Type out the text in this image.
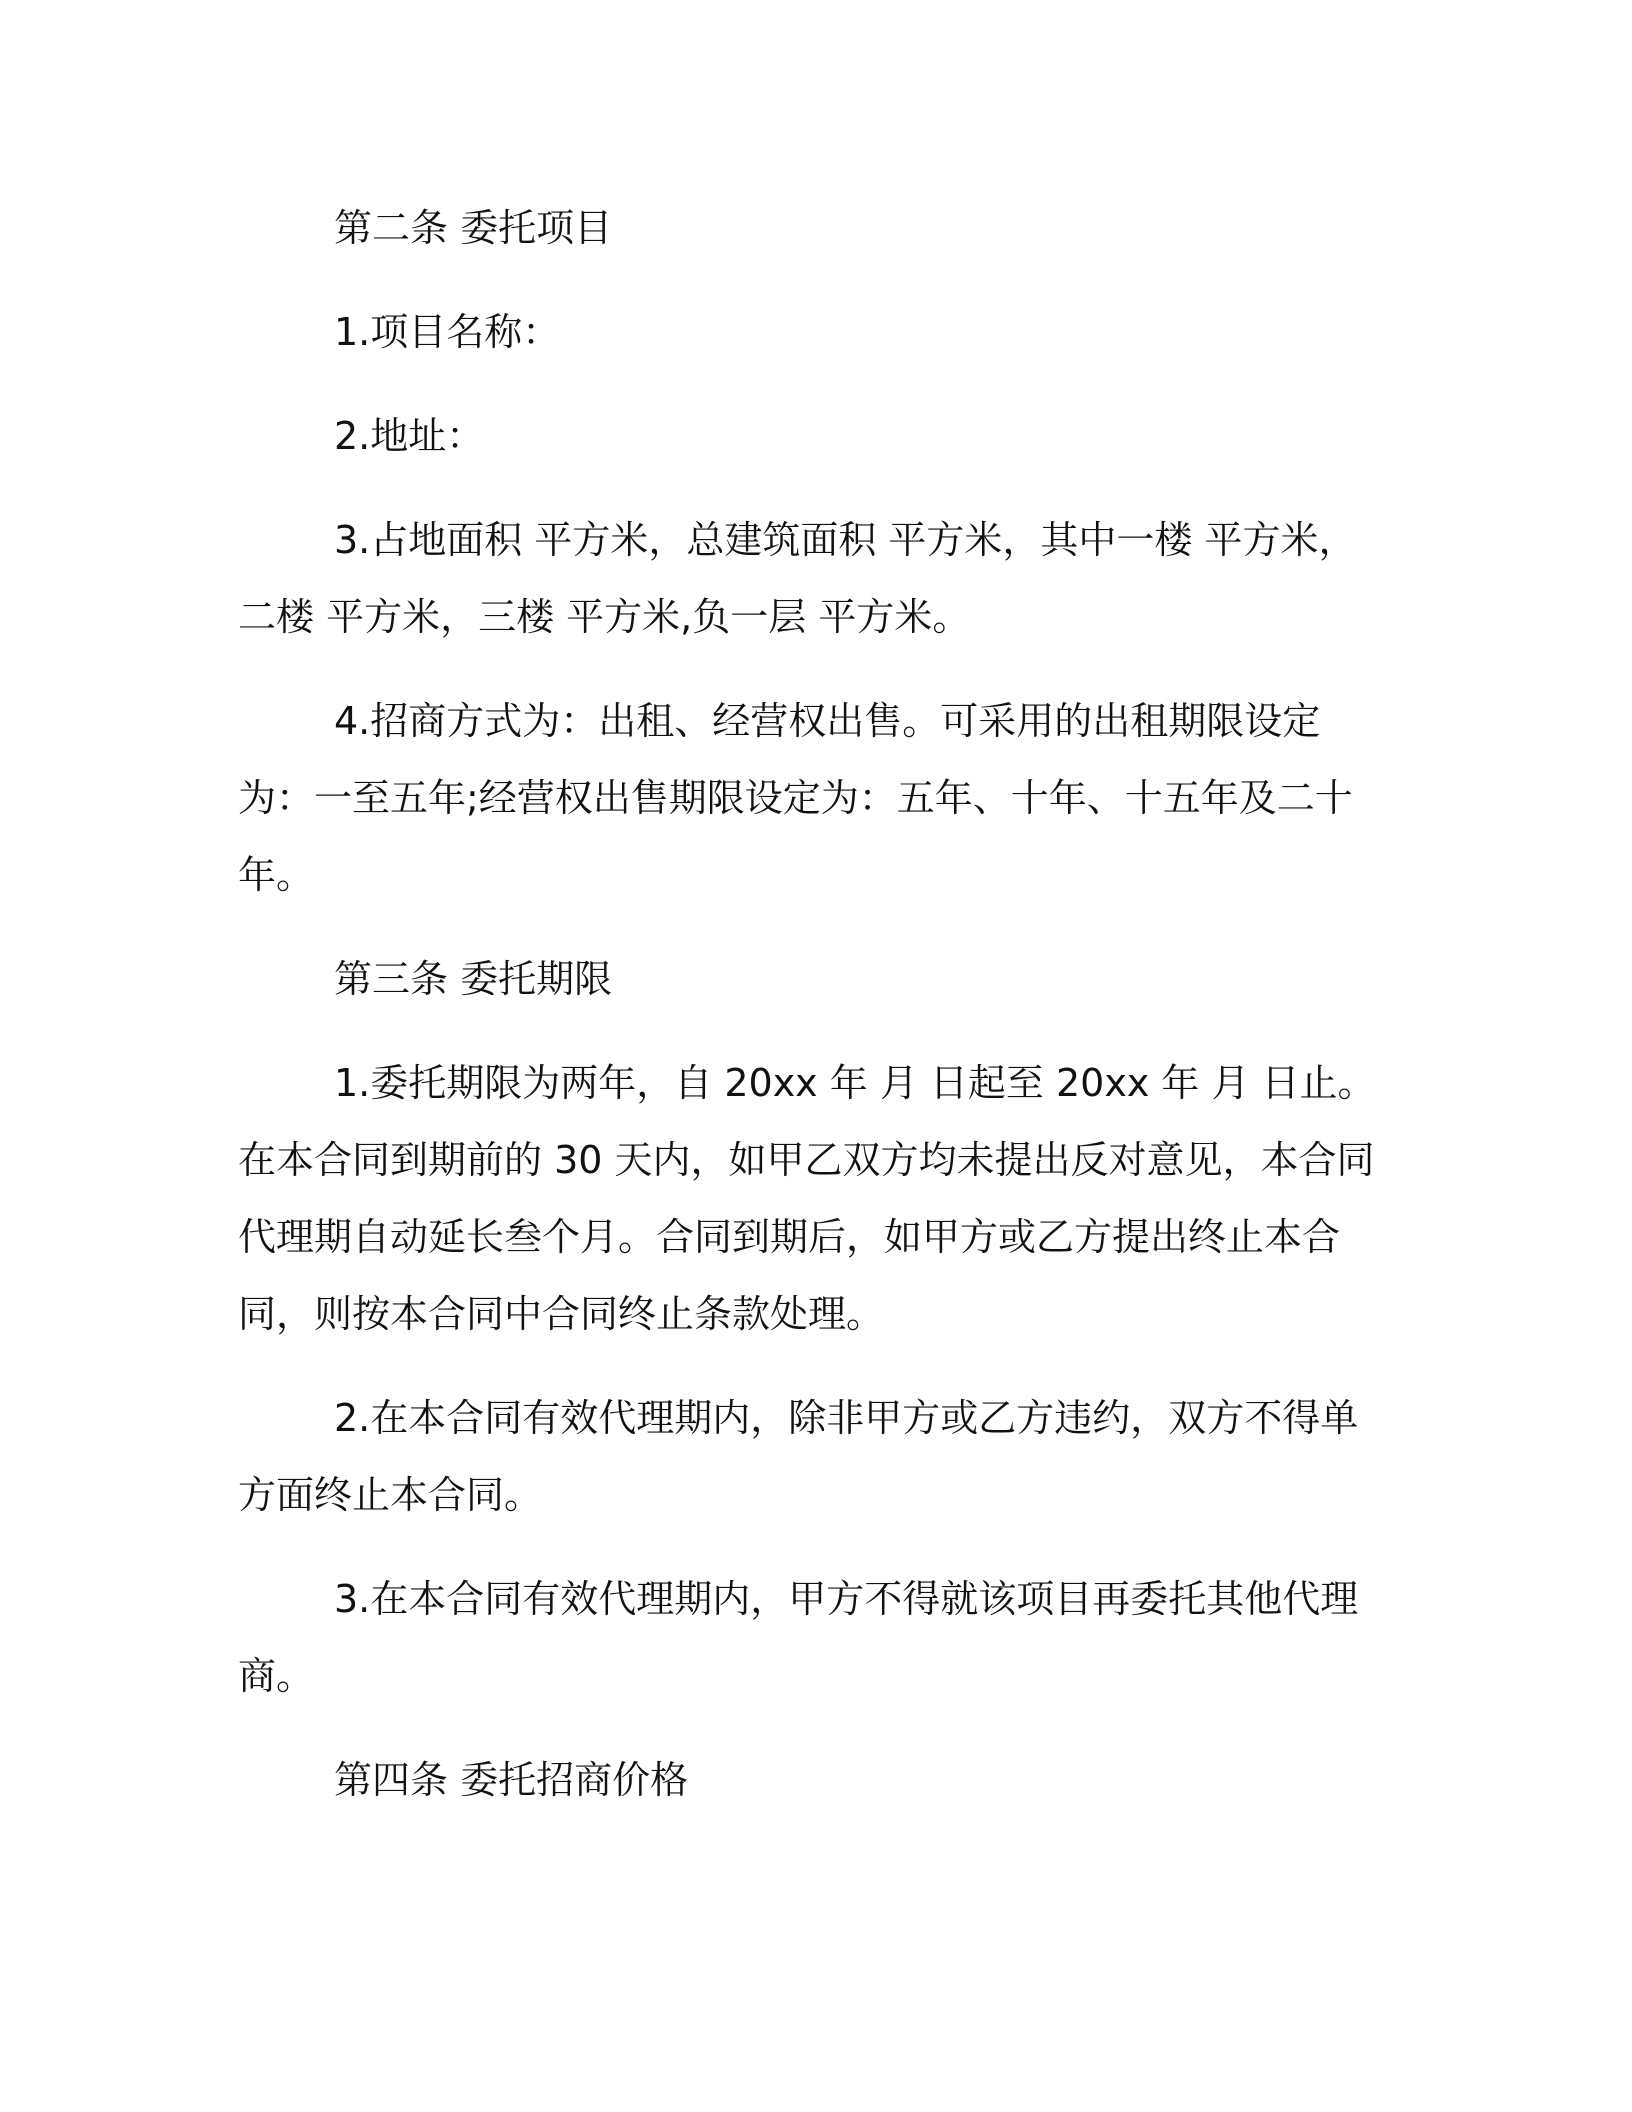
第二条 委托项目

1.项目名称：

2.地址：

3.占地面积 平方米，总建筑面积 平方米，其中一楼 平方米，二楼 平方米，三楼 平方米,负一层 平方米。

4.招商方式为：出租、经营权出售。可采用的出租期限设定为：一至五年;经营权出售期限设定为：五年、十年、十五年及二十年。

第三条 委托期限

1.委托期限为两年，自 20xx 年 月 日起至 20xx 年 月 日止。在本合同到期前的 30 天内，如甲乙双方均未提出反对意见，本合同代理期自动延长叁个月。合同到期后，如甲方或乙方提出终止本合同，则按本合同中合同终止条款处理。

2.在本合同有效代理期内，除非甲方或乙方违约，双方不得单方面终止本合同。

3.在本合同有效代理期内，甲方不得就该项目再委托其他代理商。

第四条 委托招商价格
